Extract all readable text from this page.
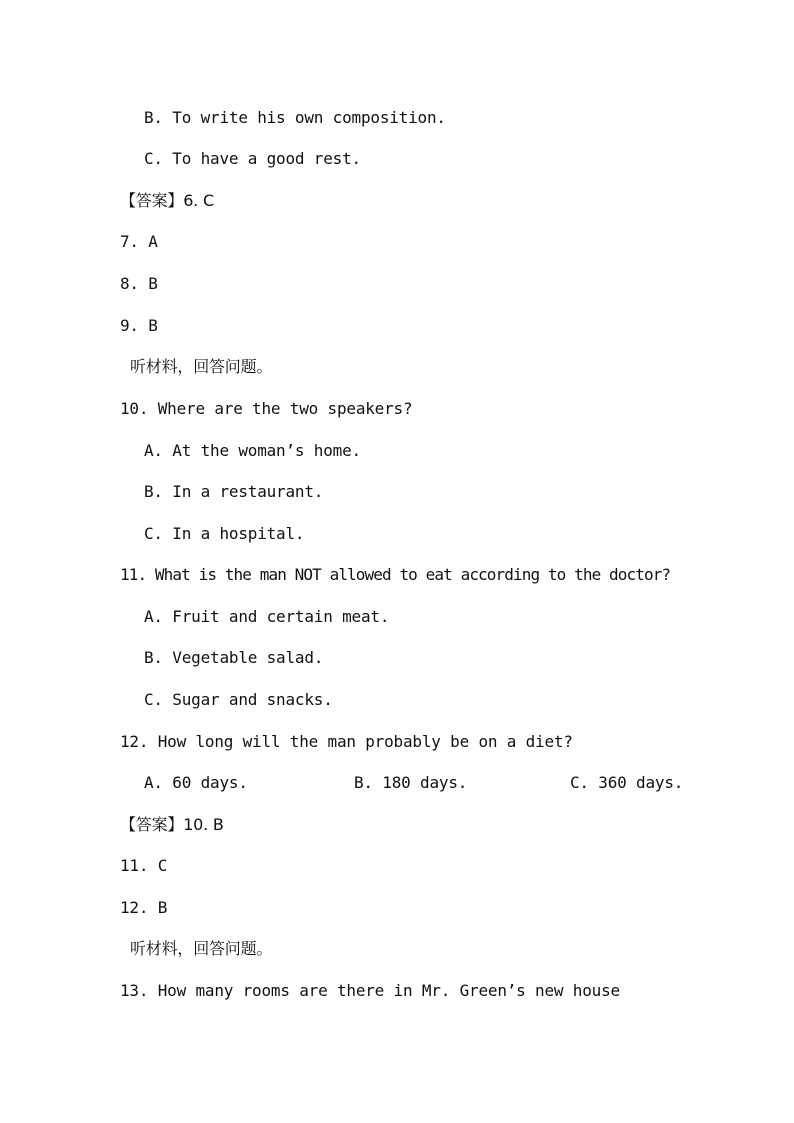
B. To write his own composition.
C. To have a good rest.
【答案】6. C
7. A
8. B
9. B
听材料，回答问题。
10. Where are the two speakers?
A. At the woman’s home.
B. In a restaurant.
C. In a hospital.
11. What is the man NOT allowed to eat according to the doctor?
A. Fruit and certain meat.
B. Vegetable salad.
C. Sugar and snacks.
12. How long will the man probably be on a diet?
A. 60 days.	B. 180 days.	C. 360 days.
【答案】10. B
11. C
12. B
听材料，回答问题。
13. How many rooms are there in Mr. Green’s new house
